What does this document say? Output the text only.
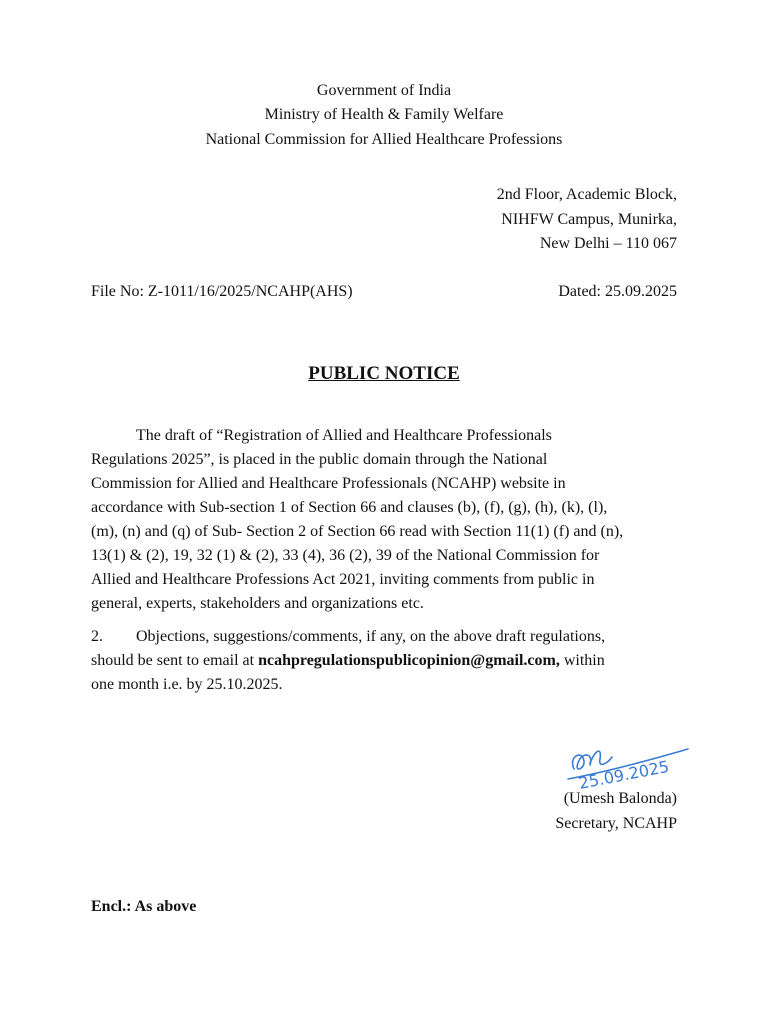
Government of India
Ministry of Health & Family Welfare
National Commission for Allied Healthcare Professions
2nd Floor, Academic Block,
NIHFW Campus, Munirka,
New Delhi – 110 067
File No: Z-1011/16/2025/NCAHP(AHS)	Dated: 25.09.2025
PUBLIC NOTICE
The draft of “Registration of Allied and Healthcare Professionals
Regulations 2025”, is placed in the public domain through the National
Commission for Allied and Healthcare Professionals (NCAHP) website in
accordance with Sub-section 1 of Section 66 and clauses (b), (f), (g), (h), (k), (l),
(m), (n) and (q) of Sub- Section 2 of Section 66 read with Section 11(1) (f) and (n),
13(1) & (2), 19, 32 (1) & (2), 33 (4), 36 (2), 39 of the National Commission for
Allied and Healthcare Professions Act 2021, inviting comments from public in
general, experts, stakeholders and organizations etc.
2. Objections, suggestions/comments, if any, on the above draft regulations,
should be sent to email at ncahpregulationspublicopinion@gmail.com, within
one month i.e. by 25.10.2025.
25.09.2025
(Umesh Balonda)
Secretary, NCAHP
Encl.: As above
